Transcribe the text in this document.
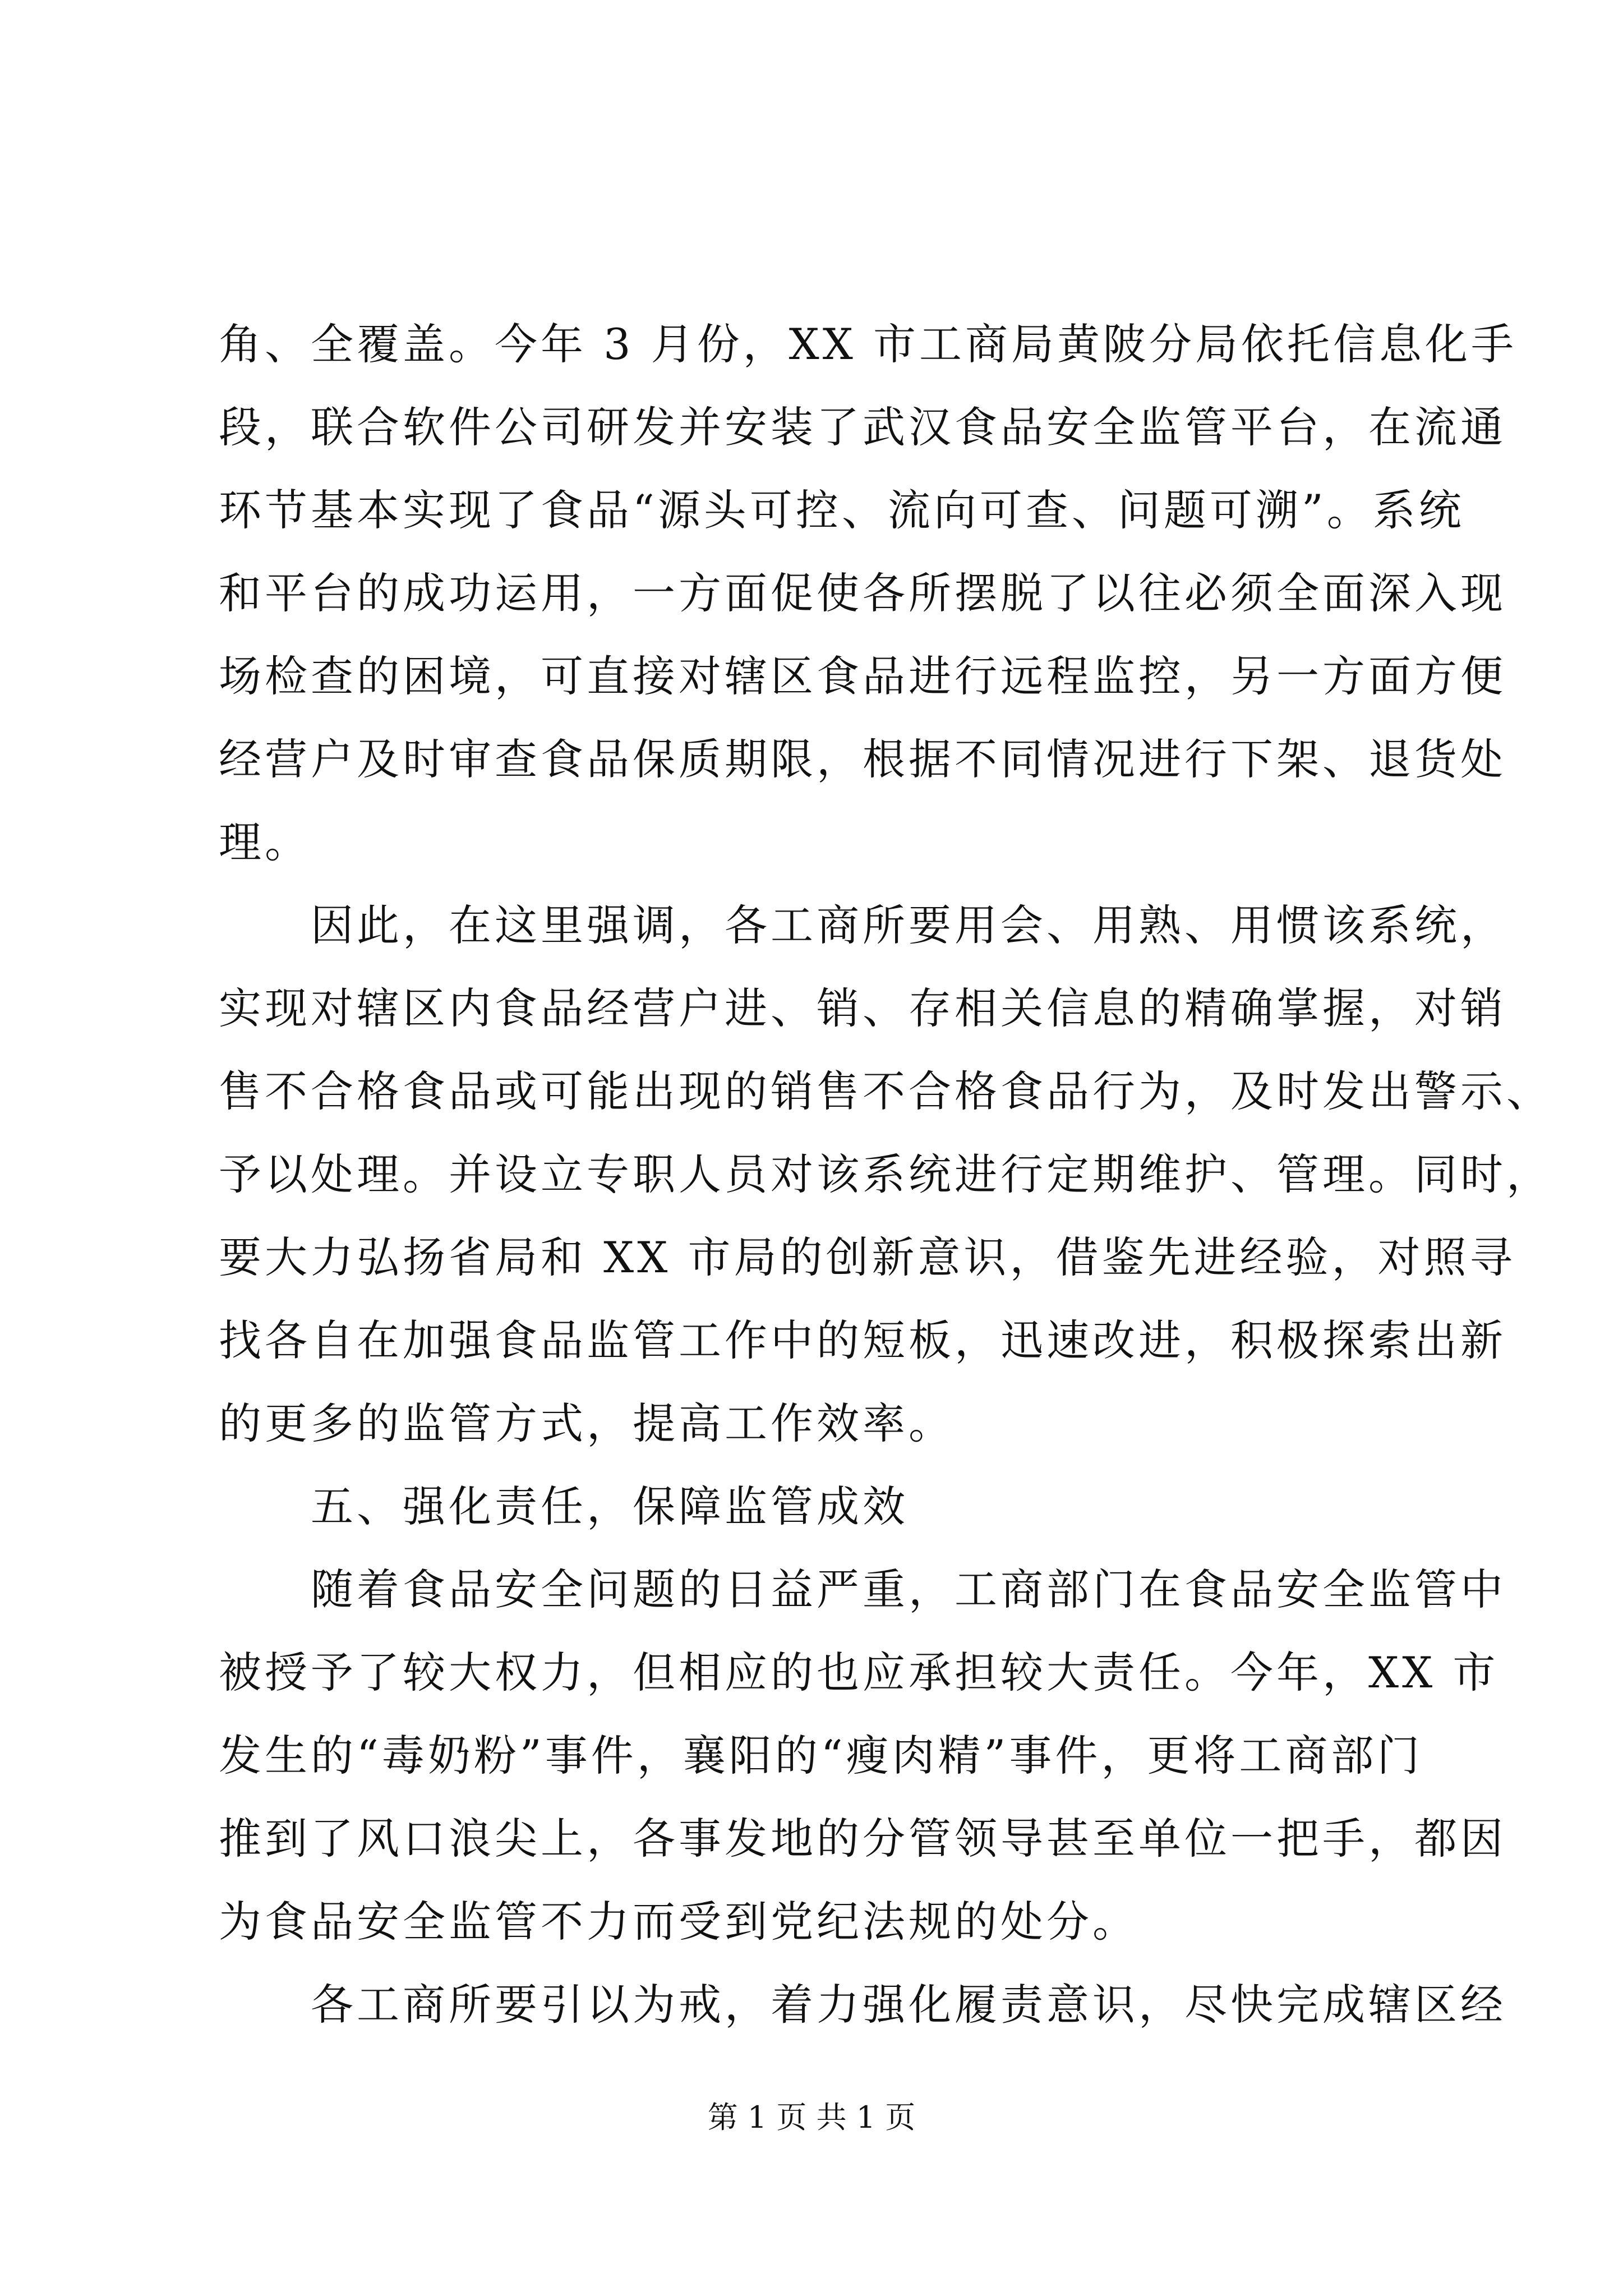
角、全覆盖。今年 3 月份，XX 市工商局黄陂分局依托信息化手
段，联合软件公司研发并安装了武汉食品安全监管平台，在流通
环节基本实现了食品“源头可控、流向可查、问题可溯”。系统
和平台的成功运用，一方面促使各所摆脱了以往必须全面深入现
场检查的困境，可直接对辖区食品进行远程监控，另一方面方便
经营户及时审查食品保质期限，根据不同情况进行下架、退货处
理。
　　因此，在这里强调，各工商所要用会、用熟、用惯该系统，
实现对辖区内食品经营户进、销、存相关信息的精确掌握，对销
售不合格食品或可能出现的销售不合格食品行为，及时发出警示、
予以处理。并设立专职人员对该系统进行定期维护、管理。同时，
要大力弘扬省局和 XX 市局的创新意识，借鉴先进经验，对照寻
找各自在加强食品监管工作中的短板，迅速改进，积极探索出新
的更多的监管方式，提高工作效率。
　　五、强化责任，保障监管成效
　　随着食品安全问题的日益严重，工商部门在食品安全监管中
被授予了较大权力，但相应的也应承担较大责任。今年，XX 市
发生的“毒奶粉”事件，襄阳的“瘦肉精”事件，更将工商部门
推到了风口浪尖上，各事发地的分管领导甚至单位一把手，都因
为食品安全监管不力而受到党纪法规的处分。
　　各工商所要引以为戒，着力强化履责意识，尽快完成辖区经
第 1 页 共 1 页
